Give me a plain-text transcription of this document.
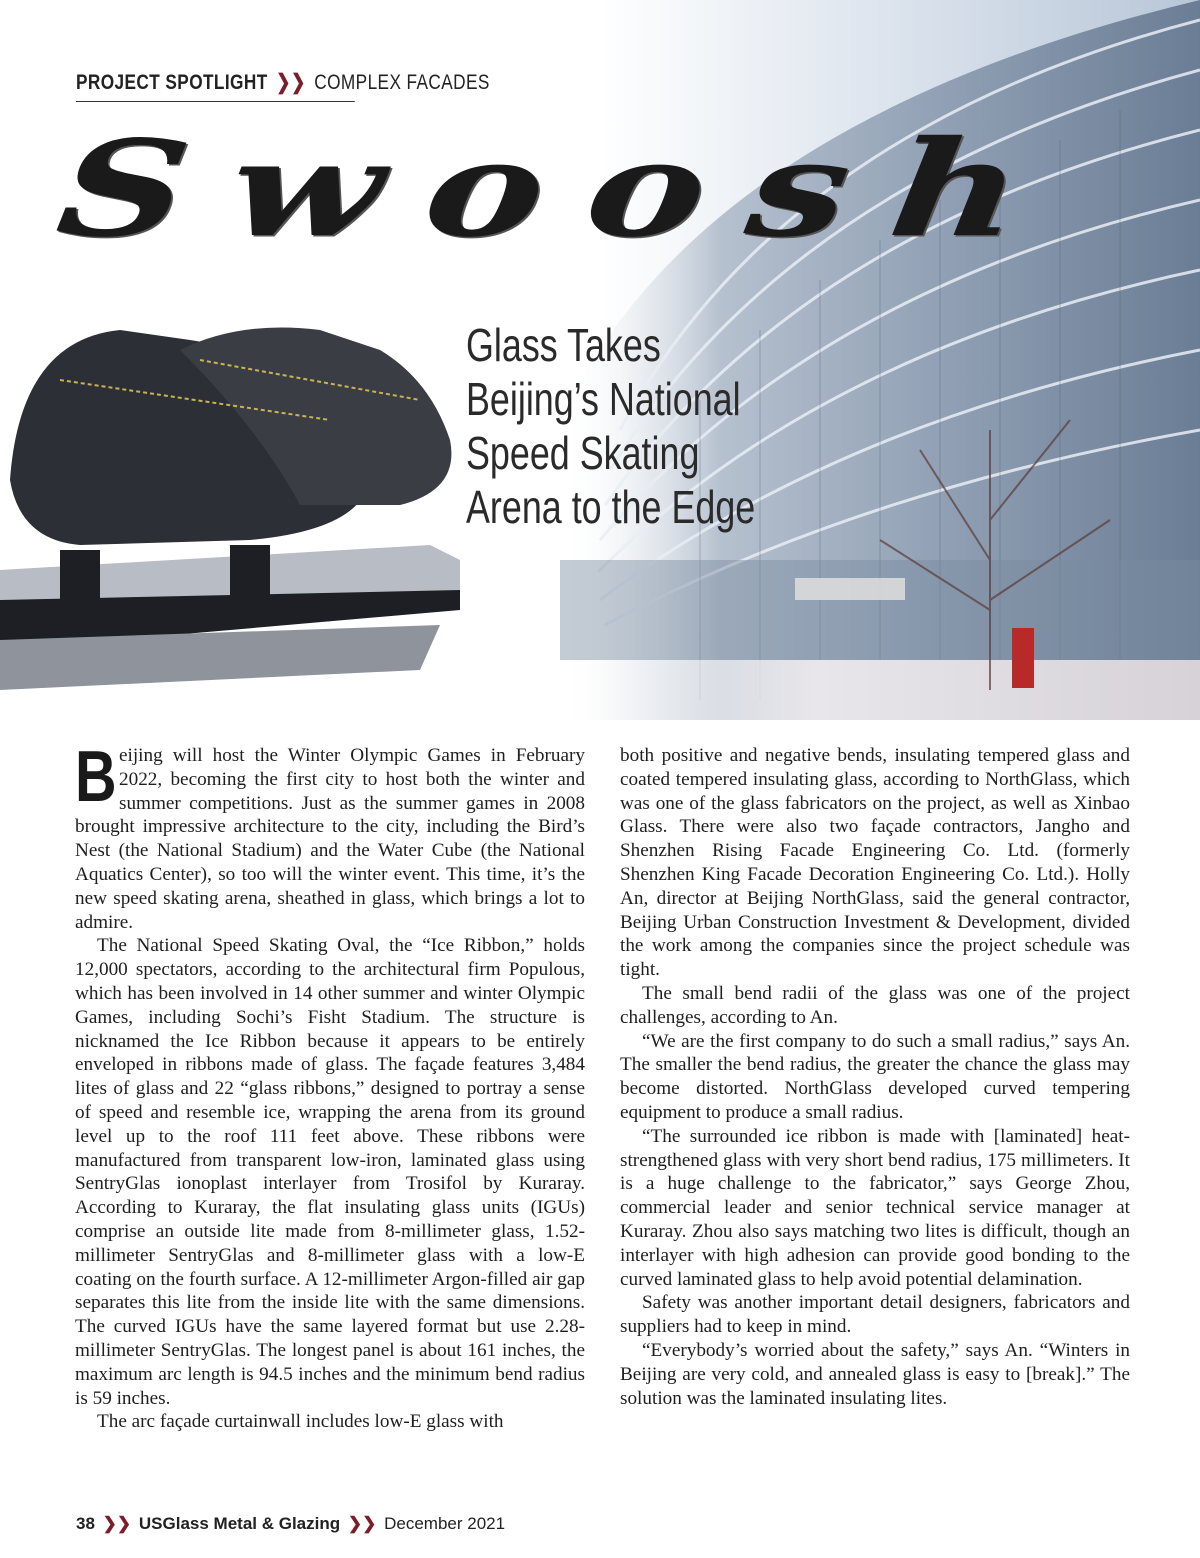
PROJECT SPOTLIGHT ❯❯ COMPLEX FACADES
Swoosh
Glass Takes
Beijing’s National
Speed Skating
Arena to the Edge

Beijing will host the Winter Olympic Games in February 2022, becoming the first city to host both the winter and summer competitions. Just as the summer games in 2008 brought impressive architecture to the city, including the Bird’s Nest (the National Stadium) and the Water Cube (the National Aquatics Center), so too will the winter event. This time, it’s the new speed skating arena, sheathed in glass, which brings a lot to admire.

The National Speed Skating Oval, the “Ice Ribbon,” holds 12,000 spectators, according to the architectural firm Populous, which has been involved in 14 other summer and winter Olympic Games, including Sochi’s Fisht Stadium. The structure is nicknamed the Ice Ribbon because it appears to be entirely enveloped in ribbons made of glass. The façade features 3,484 lites of glass and 22 “glass ribbons,” designed to portray a sense of speed and resemble ice, wrapping the arena from its ground level up to the roof 111 feet above. These ribbons were manufactured from transparent low-iron, laminated glass using SentryGlas ionoplast interlayer from Trosifol by Kuraray. According to Kuraray, the flat insulating glass units (IGUs) comprise an outside lite made from 8-millimeter glass, 1.52-millimeter SentryGlas and 8-millimeter glass with a low-E coating on the fourth surface. A 12-millimeter Argon-filled air gap separates this lite from the inside lite with the same dimensions. The curved IGUs have the same layered format but use 2.28-millimeter SentryGlas. The longest panel is about 161 inches, the maximum arc length is 94.5 inches and the minimum bend radius is 59 inches.

The arc façade curtainwall includes low-E glass with

both positive and negative bends, insulating tempered glass and coated tempered insulating glass, according to NorthGlass, which was one of the glass fabricators on the project, as well as Xinbao Glass. There were also two façade contractors, Jangho and Shenzhen Rising Facade Engineering Co. Ltd. (formerly Shenzhen King Facade Decoration Engineering Co. Ltd.). Holly An, director at Beijing NorthGlass, said the general contractor, Beijing Urban Construction Investment & Development, divided the work among the companies since the project schedule was tight.

The small bend radii of the glass was one of the project challenges, according to An.

“We are the first company to do such a small radius,” says An. The smaller the bend radius, the greater the chance the glass may become distorted. NorthGlass developed curved tempering equipment to produce a small radius.

“The surrounded ice ribbon is made with [laminated] heat-strengthened glass with very short bend radius, 175 millimeters. It is a huge challenge to the fabricator,” says George Zhou, commercial leader and senior technical service manager at Kuraray. Zhou also says matching two lites is difficult, though an interlayer with high adhesion can provide good bonding to the curved laminated glass to help avoid potential delamination.

Safety was another important detail designers, fabricators and suppliers had to keep in mind.

“Everybody’s worried about the safety,” says An. “Winters in Beijing are very cold, and annealed glass is easy to [break].” The solution was the laminated insulating lites.

38 ❯❯ USGlass Metal & Glazing ❯❯ December 2021
